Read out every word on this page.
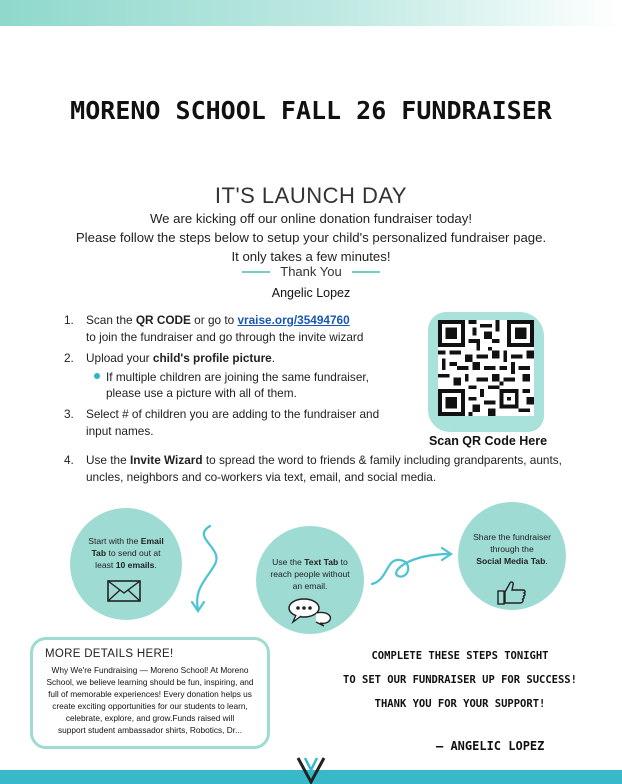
MORENO SCHOOL FALL 26 FUNDRAISER
IT'S LAUNCH DAY
We are kicking off our online donation fundraiser today!
Please follow the steps below to setup your child's personalized fundraiser page.
It only takes a few minutes!
Thank You
Angelic Lopez
1.	Scan the QR CODE or go to vraise.org/35494760
to join the fundraiser and go through the invite wizard
2.	Upload your child's profile picture.
If multiple children are joining the same fundraiser,
please use a picture with all of them.
3.	Select # of children you are adding to the fundraiser and
input names.
4. Use the Invite Wizard to spread the word to friends & family including grandparents, aunts,
uncles, neighbors and co-workers via text, email, and social media.
Scan QR Code Here
Start with the Email
Tab to send out at
least 10 emails.	Use the Text Tab to
reach people without
an email.
Share the fundraiser
through the
Social Media Tab.
MORE DETAILS HERE!
Why We're Fundraising — Moreno School! At Moreno
School, we believe learning should be fun, inspiring, and
full of memorable experiences! Every donation helps us
create exciting opportunities for our students to learn,
celebrate, explore, and grow.Funds raised will
support student ambassador shirts, Robotics, Dr...
COMPLETE THESE STEPS TONIGHT
TO SET OUR FUNDRAISER UP FOR SUCCESS!
THANK YOU FOR YOUR SUPPORT!
— ANGELIC LOPEZ
